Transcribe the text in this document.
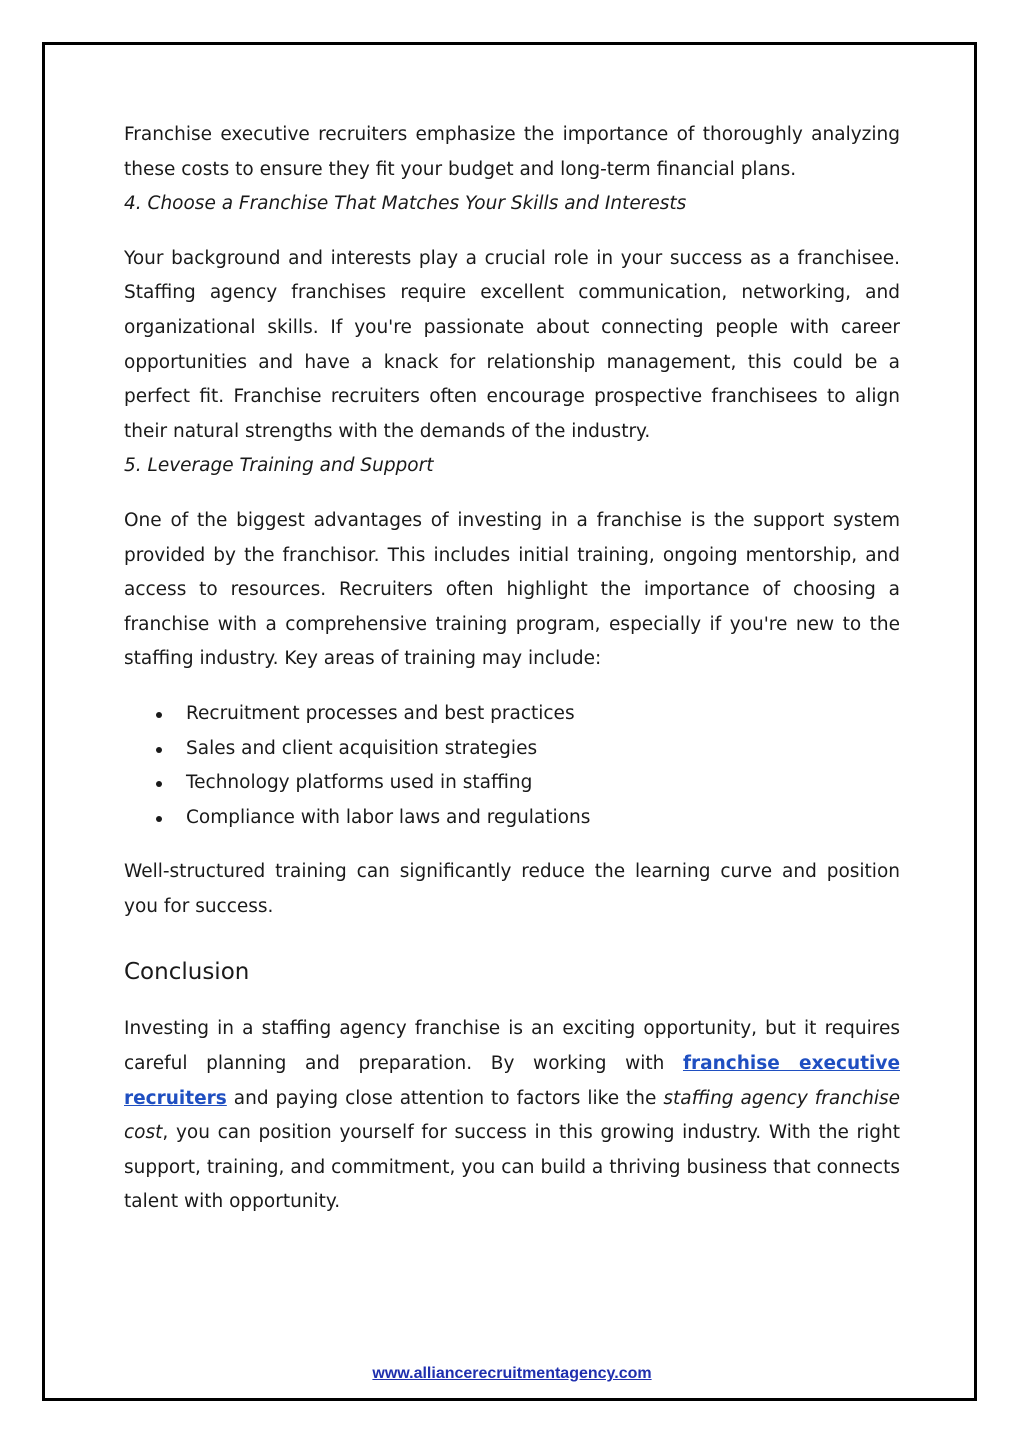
Franchise executive recruiters emphasize the importance of thoroughly analyzing these costs to ensure they fit your budget and long-term financial plans.

4. Choose a Franchise That Matches Your Skills and Interests

Your background and interests play a crucial role in your success as a franchisee. Staffing agency franchises require excellent communication, networking, and organizational skills. If you're passionate about connecting people with career opportunities and have a knack for relationship management, this could be a perfect fit. Franchise recruiters often encourage prospective franchisees to align their natural strengths with the demands of the industry.

5. Leverage Training and Support

One of the biggest advantages of investing in a franchise is the support system provided by the franchisor. This includes initial training, ongoing mentorship, and access to resources. Recruiters often highlight the importance of choosing a franchise with a comprehensive training program, especially if you're new to the staffing industry. Key areas of training may include:

Recruitment processes and best practices
Sales and client acquisition strategies
Technology platforms used in staffing
Compliance with labor laws and regulations

Well-structured training can significantly reduce the learning curve and position you for success.

Conclusion

Investing in a staffing agency franchise is an exciting opportunity, but it requires careful planning and preparation. By working with franchise executive recruiters and paying close attention to factors like the staffing agency franchise cost, you can position yourself for success in this growing industry. With the right support, training, and commitment, you can build a thriving business that connects talent with opportunity.

www.alliancerecruitmentagency.com
